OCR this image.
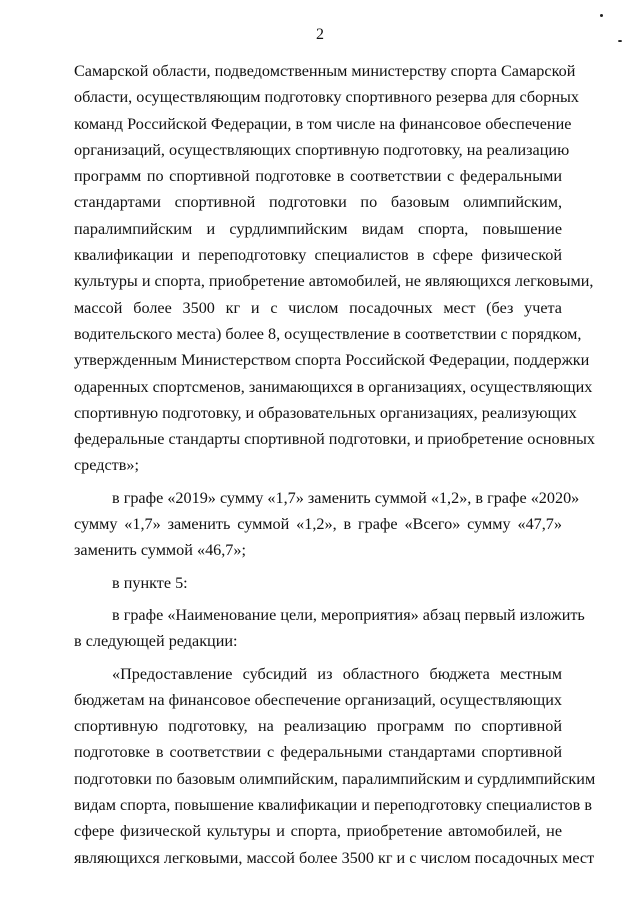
2
Самарской области, подведомственным министерству спорта Самарской
области, осуществляющим подготовку спортивного резерва для сборных
команд Российской Федерации, в том числе на финансовое обеспечение
организаций, осуществляющих спортивную подготовку, на реализацию
программ по спортивной подготовке в соответствии с федеральными
стандартами спортивной подготовки по базовым олимпийским,
паралимпийским и сурдлимпийским видам спорта, повышение
квалификации и переподготовку специалистов в сфере физической
культуры и спорта, приобретение автомобилей, не являющихся легковыми,
массой более 3500 кг и с числом посадочных мест (без учета
водительского места) более 8, осуществление в соответствии с порядком,
утвержденным Министерством спорта Российской Федерации, поддержки
одаренных спортсменов, занимающихся в организациях, осуществляющих
спортивную подготовку, и образовательных организациях, реализующих
федеральные стандарты спортивной подготовки, и приобретение основных
средств»;
в графе «2019» сумму «1,7» заменить суммой «1,2», в графе «2020»
сумму «1,7» заменить суммой «1,2», в графе «Всего» сумму «47,7»
заменить суммой «46,7»;
в пункте 5:
в графе «Наименование цели, мероприятия» абзац первый изложить
в следующей редакции:
«Предоставление субсидий из областного бюджета местным
бюджетам на финансовое обеспечение организаций, осуществляющих
спортивную подготовку, на реализацию программ по спортивной
подготовке в соответствии с федеральными стандартами спортивной
подготовки по базовым олимпийским, паралимпийским и сурдлимпийским
видам спорта, повышение квалификации и переподготовку специалистов в
сфере физической культуры и спорта, приобретение автомобилей, не
являющихся легковыми, массой более 3500 кг и с числом посадочных мест
